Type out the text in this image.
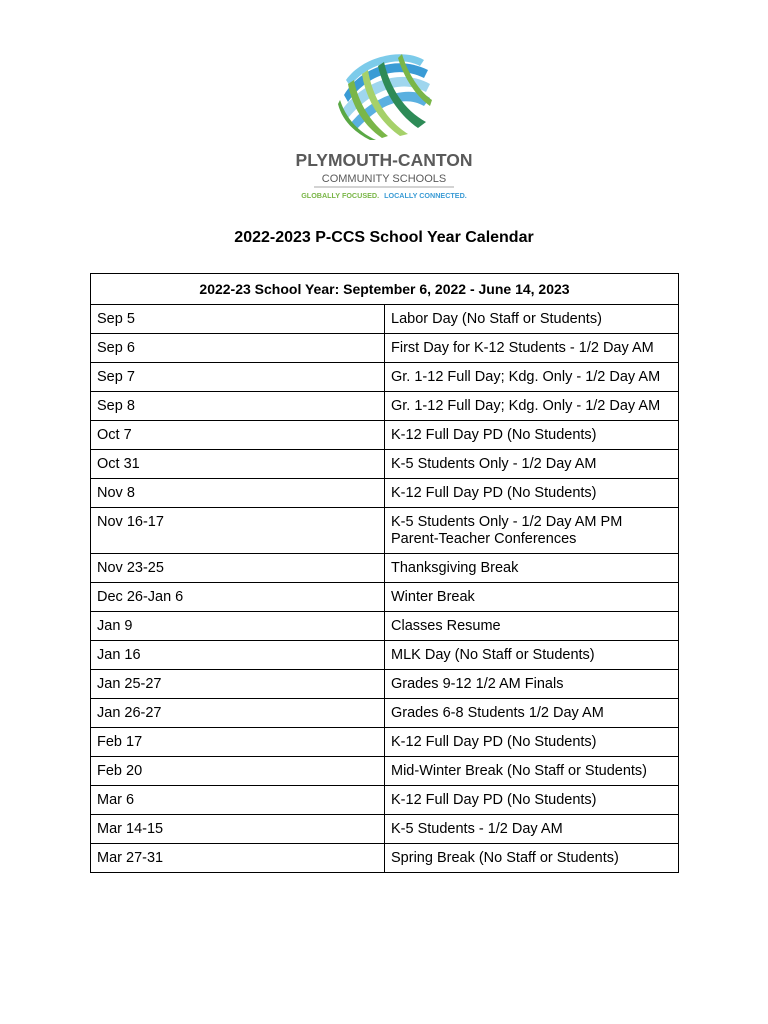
PLYMOUTH-CANTON
COMMUNITY SCHOOLS
GLOBALLY FOCUSED. LOCALLY CONNECTED.
2022-2023 P-CCS School Year Calendar
2022-23 School Year: September 6, 2022 - June 14, 2023	
Sep 5	Labor Day (No Staff or Students)
Sep 6	First Day for K-12 Students - 1/2 Day AM
Sep 7	Gr. 1-12 Full Day; Kdg. Only - 1/2 Day AM
Sep 8	Gr. 1-12 Full Day; Kdg. Only - 1/2 Day AM
Oct 7	K-12 Full Day PD (No Students)
Oct 31	K-5 Students Only - 1/2 Day AM
Nov 8	K-12 Full Day PD (No Students)
Nov 16-17	K-5 Students Only - 1/2 Day AM PM Parent-Teacher Conferences
Nov 23-25	Thanksgiving Break
Dec 26-Jan 6	Winter Break
Jan 9	Classes Resume
Jan 16	MLK Day (No Staff or Students)
Jan 25-27	Grades 9-12 1/2 AM Finals
Jan 26-27	Grades 6-8 Students 1/2 Day AM
Feb 17	K-12 Full Day PD (No Students)
Feb 20	Mid-Winter Break (No Staff or Students)
Mar 6	K-12 Full Day PD (No Students)
Mar 14-15	K-5 Students - 1/2 Day AM
Mar 27-31	Spring Break (No Staff or Students)
